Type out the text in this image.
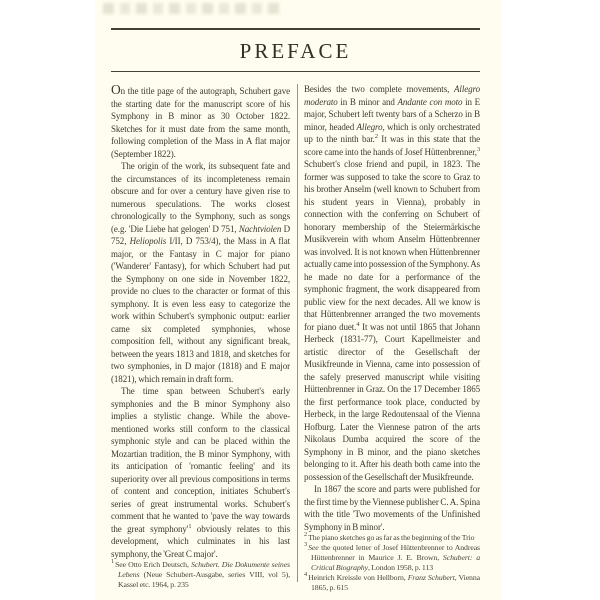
PREFACE

On the title page of the autograph, Schubert gave the starting date for the manuscript score of his Symphony in B minor as 30 October 1822. Sketches for it must date from the same month, following completion of the Mass in A flat major (September 1822).

The origin of the work, its subsequent fate and the circumstances of its incompleteness remain obscure and for over a century have given rise to numerous speculations. The works closest chronologically to the Symphony, such as songs (e.g. 'Die Liebe hat gelogen' D 751, Nachtviolen D 752, Heliopolis I/II, D 753/4), the Mass in A flat major, or the Fantasy in C major for piano ('Wanderer' Fantasy), for which Schubert had put the Symphony on one side in November 1822, provide no clues to the character or format of this symphony. It is even less easy to categorize the work within Schubert's symphonic output: earlier came six completed symphonies, whose composition fell, without any significant break, between the years 1813 and 1818, and sketches for two symphonies, in D major (1818) and E major (1821), which remain in draft form.

The time span between Schubert's early symphonies and the B minor Symphony also implies a stylistic change. While the above-mentioned works still conform to the classical symphonic style and can be placed within the Mozartian tradition, the B minor Symphony, with its anticipation of 'romantic feeling' and its superiority over all previous compositions in terms of content and conception, initiates Schubert's series of great instrumental works. Schubert's comment that he wanted to 'pave the way towards the great $symphony'^1$ obviously relates to this development, which culminates in his last symphony, the 'Great C major'.

$^1$See Otto Erich Deutsch, Schubert. Die Dokumente seines Lebens (Neue Schubert-Ausgabe, series VIII, vol 5), Kassel etc. 1964, p. 235

Besides the two complete movements, Allegro moderato in B minor and Andante con moto in E major, Schubert left twenty bars of a Scherzo in B minor, headed Allegro, which is only orchestrated up to the ninth bar.$^2$ It was in this state that the score came into the hands of Josef Hüttenbrenner,$^3$ Schubert's close friend and pupil, in 1823. The former was supposed to take the score to Graz to his brother Anselm (well known to Schubert from his student years in Vienna), probably in connection with the conferring on Schubert of honorary membership of the Steiermärkische Musikverein with whom Anselm Hüttenbrenner was involved. It is not known when Hüttenbrenner actually came into possession of the Symphony. As he made no date for a performance of the symphonic fragment, the work disappeared from public view for the next decades. All we know is that Hüttenbrenner arranged the two movements for piano duet.$^4$ It was not until 1865 that Johann Herbeck (1831-77), Court Kapellmeister and artistic director of the Gesellschaft der Musikfreunde in Vienna, came into possession of the safely preserved manuscript while visiting Hüttenbrenner in Graz. On the 17 December 1865 the first performance took place, conducted by Herbeck, in the large Redoutensaal of the Vienna Hofburg. Later the Viennese patron of the arts Nikolaus Dumba acquired the score of the Symphony in B minor, and the piano sketches belonging to it. After his death both came into the possession of the Gesellschaft der Musikfreunde.

In 1867 the score and parts were published for the first time by the Viennese publisher C. A. Spina with the title 'Two movements of the Unfinished Symphony in B minor'.

$^2$The piano sketches go as far as the beginning of the Trio

$^3$See the quoted letter of Josef Hüttenbrenner to Andreas Hüttenbrenner in Maurice J. E. Brown, Schubert: a Critical Biography, London 1958, p. 113

$^4$Heinrich Kreissle von Hellborn, Franz Schubert, Vienna 1865, p. 615
